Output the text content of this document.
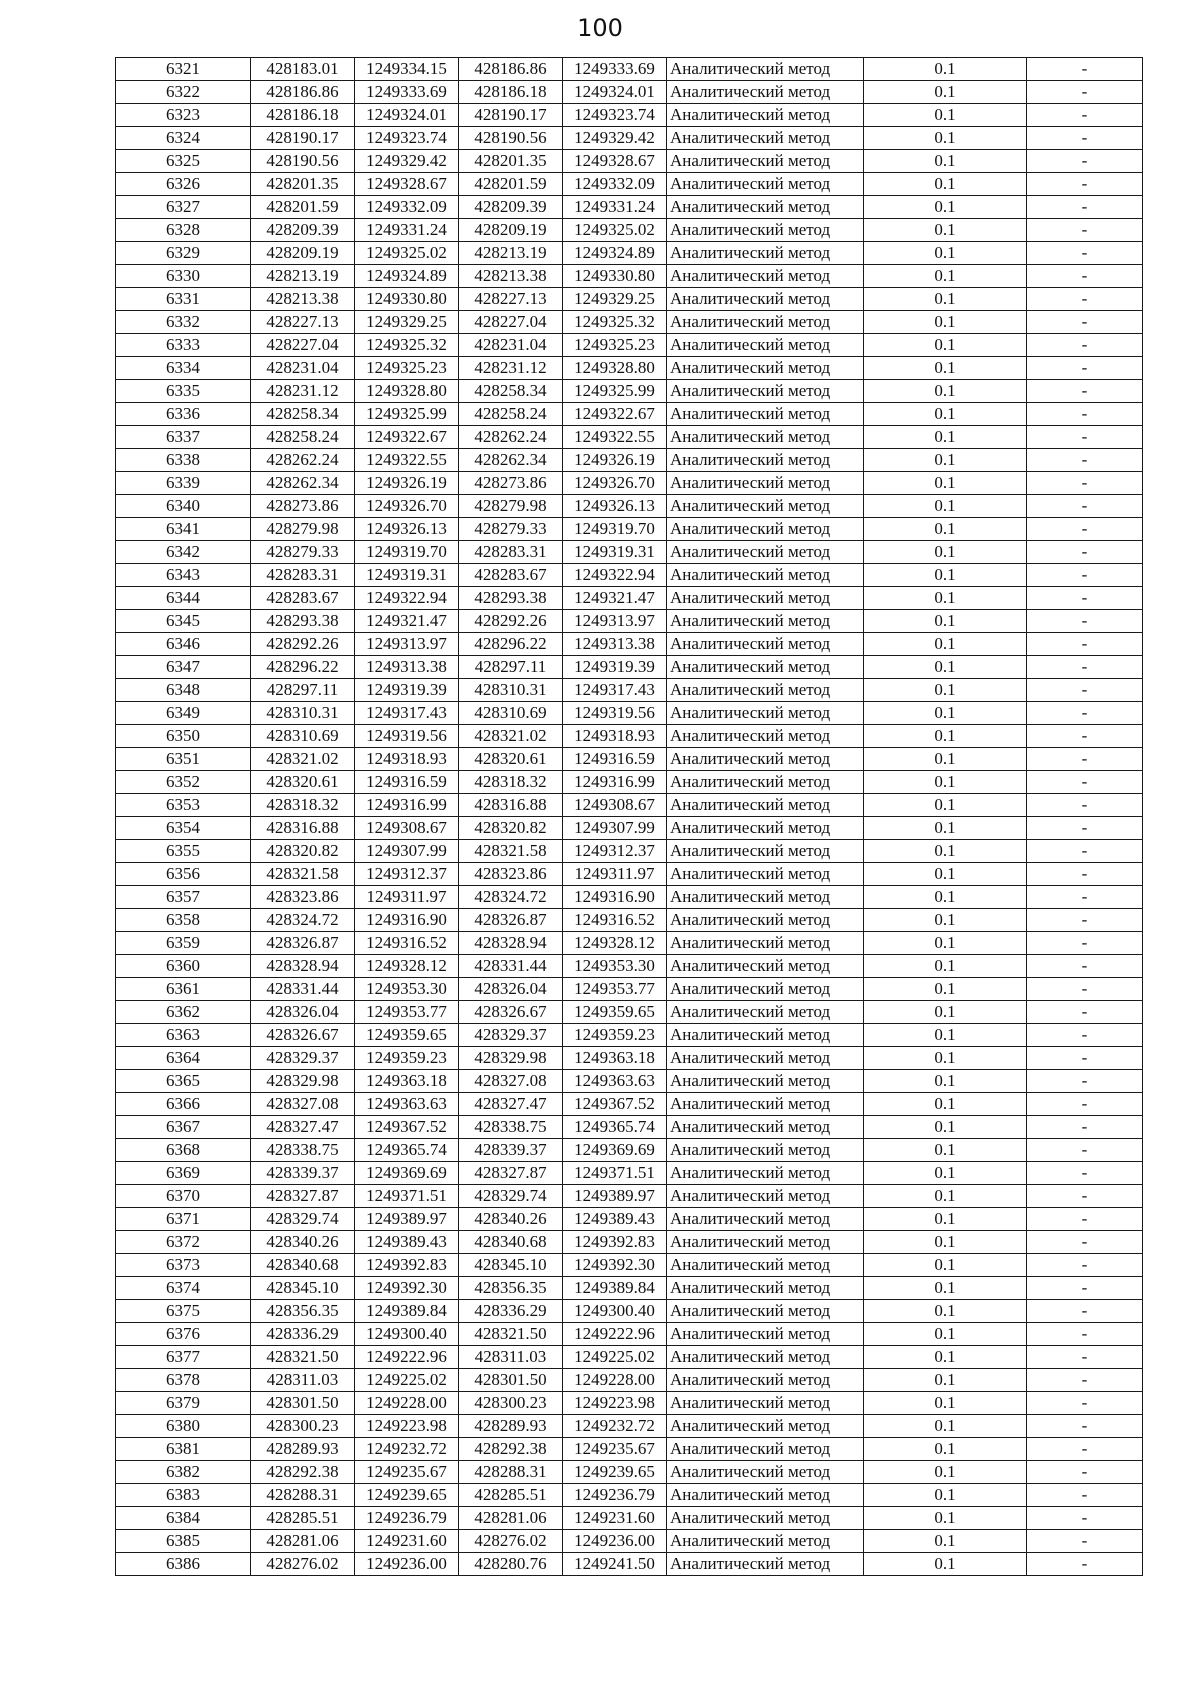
100
6321	428183.01	1249334.15	428186.86	1249333.69	Аналитический метод	0.1	-
6322	428186.86	1249333.69	428186.18	1249324.01	Аналитический метод	0.1	-
6323	428186.18	1249324.01	428190.17	1249323.74	Аналитический метод	0.1	-
6324	428190.17	1249323.74	428190.56	1249329.42	Аналитический метод	0.1	-
6325	428190.56	1249329.42	428201.35	1249328.67	Аналитический метод	0.1	-
6326	428201.35	1249328.67	428201.59	1249332.09	Аналитический метод	0.1	-
6327	428201.59	1249332.09	428209.39	1249331.24	Аналитический метод	0.1	-
6328	428209.39	1249331.24	428209.19	1249325.02	Аналитический метод	0.1	-
6329	428209.19	1249325.02	428213.19	1249324.89	Аналитический метод	0.1	-
6330	428213.19	1249324.89	428213.38	1249330.80	Аналитический метод	0.1	-
6331	428213.38	1249330.80	428227.13	1249329.25	Аналитический метод	0.1	-
6332	428227.13	1249329.25	428227.04	1249325.32	Аналитический метод	0.1	-
6333	428227.04	1249325.32	428231.04	1249325.23	Аналитический метод	0.1	-
6334	428231.04	1249325.23	428231.12	1249328.80	Аналитический метод	0.1	-
6335	428231.12	1249328.80	428258.34	1249325.99	Аналитический метод	0.1	-
6336	428258.34	1249325.99	428258.24	1249322.67	Аналитический метод	0.1	-
6337	428258.24	1249322.67	428262.24	1249322.55	Аналитический метод	0.1	-
6338	428262.24	1249322.55	428262.34	1249326.19	Аналитический метод	0.1	-
6339	428262.34	1249326.19	428273.86	1249326.70	Аналитический метод	0.1	-
6340	428273.86	1249326.70	428279.98	1249326.13	Аналитический метод	0.1	-
6341	428279.98	1249326.13	428279.33	1249319.70	Аналитический метод	0.1	-
6342	428279.33	1249319.70	428283.31	1249319.31	Аналитический метод	0.1	-
6343	428283.31	1249319.31	428283.67	1249322.94	Аналитический метод	0.1	-
6344	428283.67	1249322.94	428293.38	1249321.47	Аналитический метод	0.1	-
6345	428293.38	1249321.47	428292.26	1249313.97	Аналитический метод	0.1	-
6346	428292.26	1249313.97	428296.22	1249313.38	Аналитический метод	0.1	-
6347	428296.22	1249313.38	428297.11	1249319.39	Аналитический метод	0.1	-
6348	428297.11	1249319.39	428310.31	1249317.43	Аналитический метод	0.1	-
6349	428310.31	1249317.43	428310.69	1249319.56	Аналитический метод	0.1	-
6350	428310.69	1249319.56	428321.02	1249318.93	Аналитический метод	0.1	-
6351	428321.02	1249318.93	428320.61	1249316.59	Аналитический метод	0.1	-
6352	428320.61	1249316.59	428318.32	1249316.99	Аналитический метод	0.1	-
6353	428318.32	1249316.99	428316.88	1249308.67	Аналитический метод	0.1	-
6354	428316.88	1249308.67	428320.82	1249307.99	Аналитический метод	0.1	-
6355	428320.82	1249307.99	428321.58	1249312.37	Аналитический метод	0.1	-
6356	428321.58	1249312.37	428323.86	1249311.97	Аналитический метод	0.1	-
6357	428323.86	1249311.97	428324.72	1249316.90	Аналитический метод	0.1	-
6358	428324.72	1249316.90	428326.87	1249316.52	Аналитический метод	0.1	-
6359	428326.87	1249316.52	428328.94	1249328.12	Аналитический метод	0.1	-
6360	428328.94	1249328.12	428331.44	1249353.30	Аналитический метод	0.1	-
6361	428331.44	1249353.30	428326.04	1249353.77	Аналитический метод	0.1	-
6362	428326.04	1249353.77	428326.67	1249359.65	Аналитический метод	0.1	-
6363	428326.67	1249359.65	428329.37	1249359.23	Аналитический метод	0.1	-
6364	428329.37	1249359.23	428329.98	1249363.18	Аналитический метод	0.1	-
6365	428329.98	1249363.18	428327.08	1249363.63	Аналитический метод	0.1	-
6366	428327.08	1249363.63	428327.47	1249367.52	Аналитический метод	0.1	-
6367	428327.47	1249367.52	428338.75	1249365.74	Аналитический метод	0.1	-
6368	428338.75	1249365.74	428339.37	1249369.69	Аналитический метод	0.1	-
6369	428339.37	1249369.69	428327.87	1249371.51	Аналитический метод	0.1	-
6370	428327.87	1249371.51	428329.74	1249389.97	Аналитический метод	0.1	-
6371	428329.74	1249389.97	428340.26	1249389.43	Аналитический метод	0.1	-
6372	428340.26	1249389.43	428340.68	1249392.83	Аналитический метод	0.1	-
6373	428340.68	1249392.83	428345.10	1249392.30	Аналитический метод	0.1	-
6374	428345.10	1249392.30	428356.35	1249389.84	Аналитический метод	0.1	-
6375	428356.35	1249389.84	428336.29	1249300.40	Аналитический метод	0.1	-
6376	428336.29	1249300.40	428321.50	1249222.96	Аналитический метод	0.1	-
6377	428321.50	1249222.96	428311.03	1249225.02	Аналитический метод	0.1	-
6378	428311.03	1249225.02	428301.50	1249228.00	Аналитический метод	0.1	-
6379	428301.50	1249228.00	428300.23	1249223.98	Аналитический метод	0.1	-
6380	428300.23	1249223.98	428289.93	1249232.72	Аналитический метод	0.1	-
6381	428289.93	1249232.72	428292.38	1249235.67	Аналитический метод	0.1	-
6382	428292.38	1249235.67	428288.31	1249239.65	Аналитический метод	0.1	-
6383	428288.31	1249239.65	428285.51	1249236.79	Аналитический метод	0.1	-
6384	428285.51	1249236.79	428281.06	1249231.60	Аналитический метод	0.1	-
6385	428281.06	1249231.60	428276.02	1249236.00	Аналитический метод	0.1	-
6386	428276.02	1249236.00	428280.76	1249241.50	Аналитический метод	0.1	-
